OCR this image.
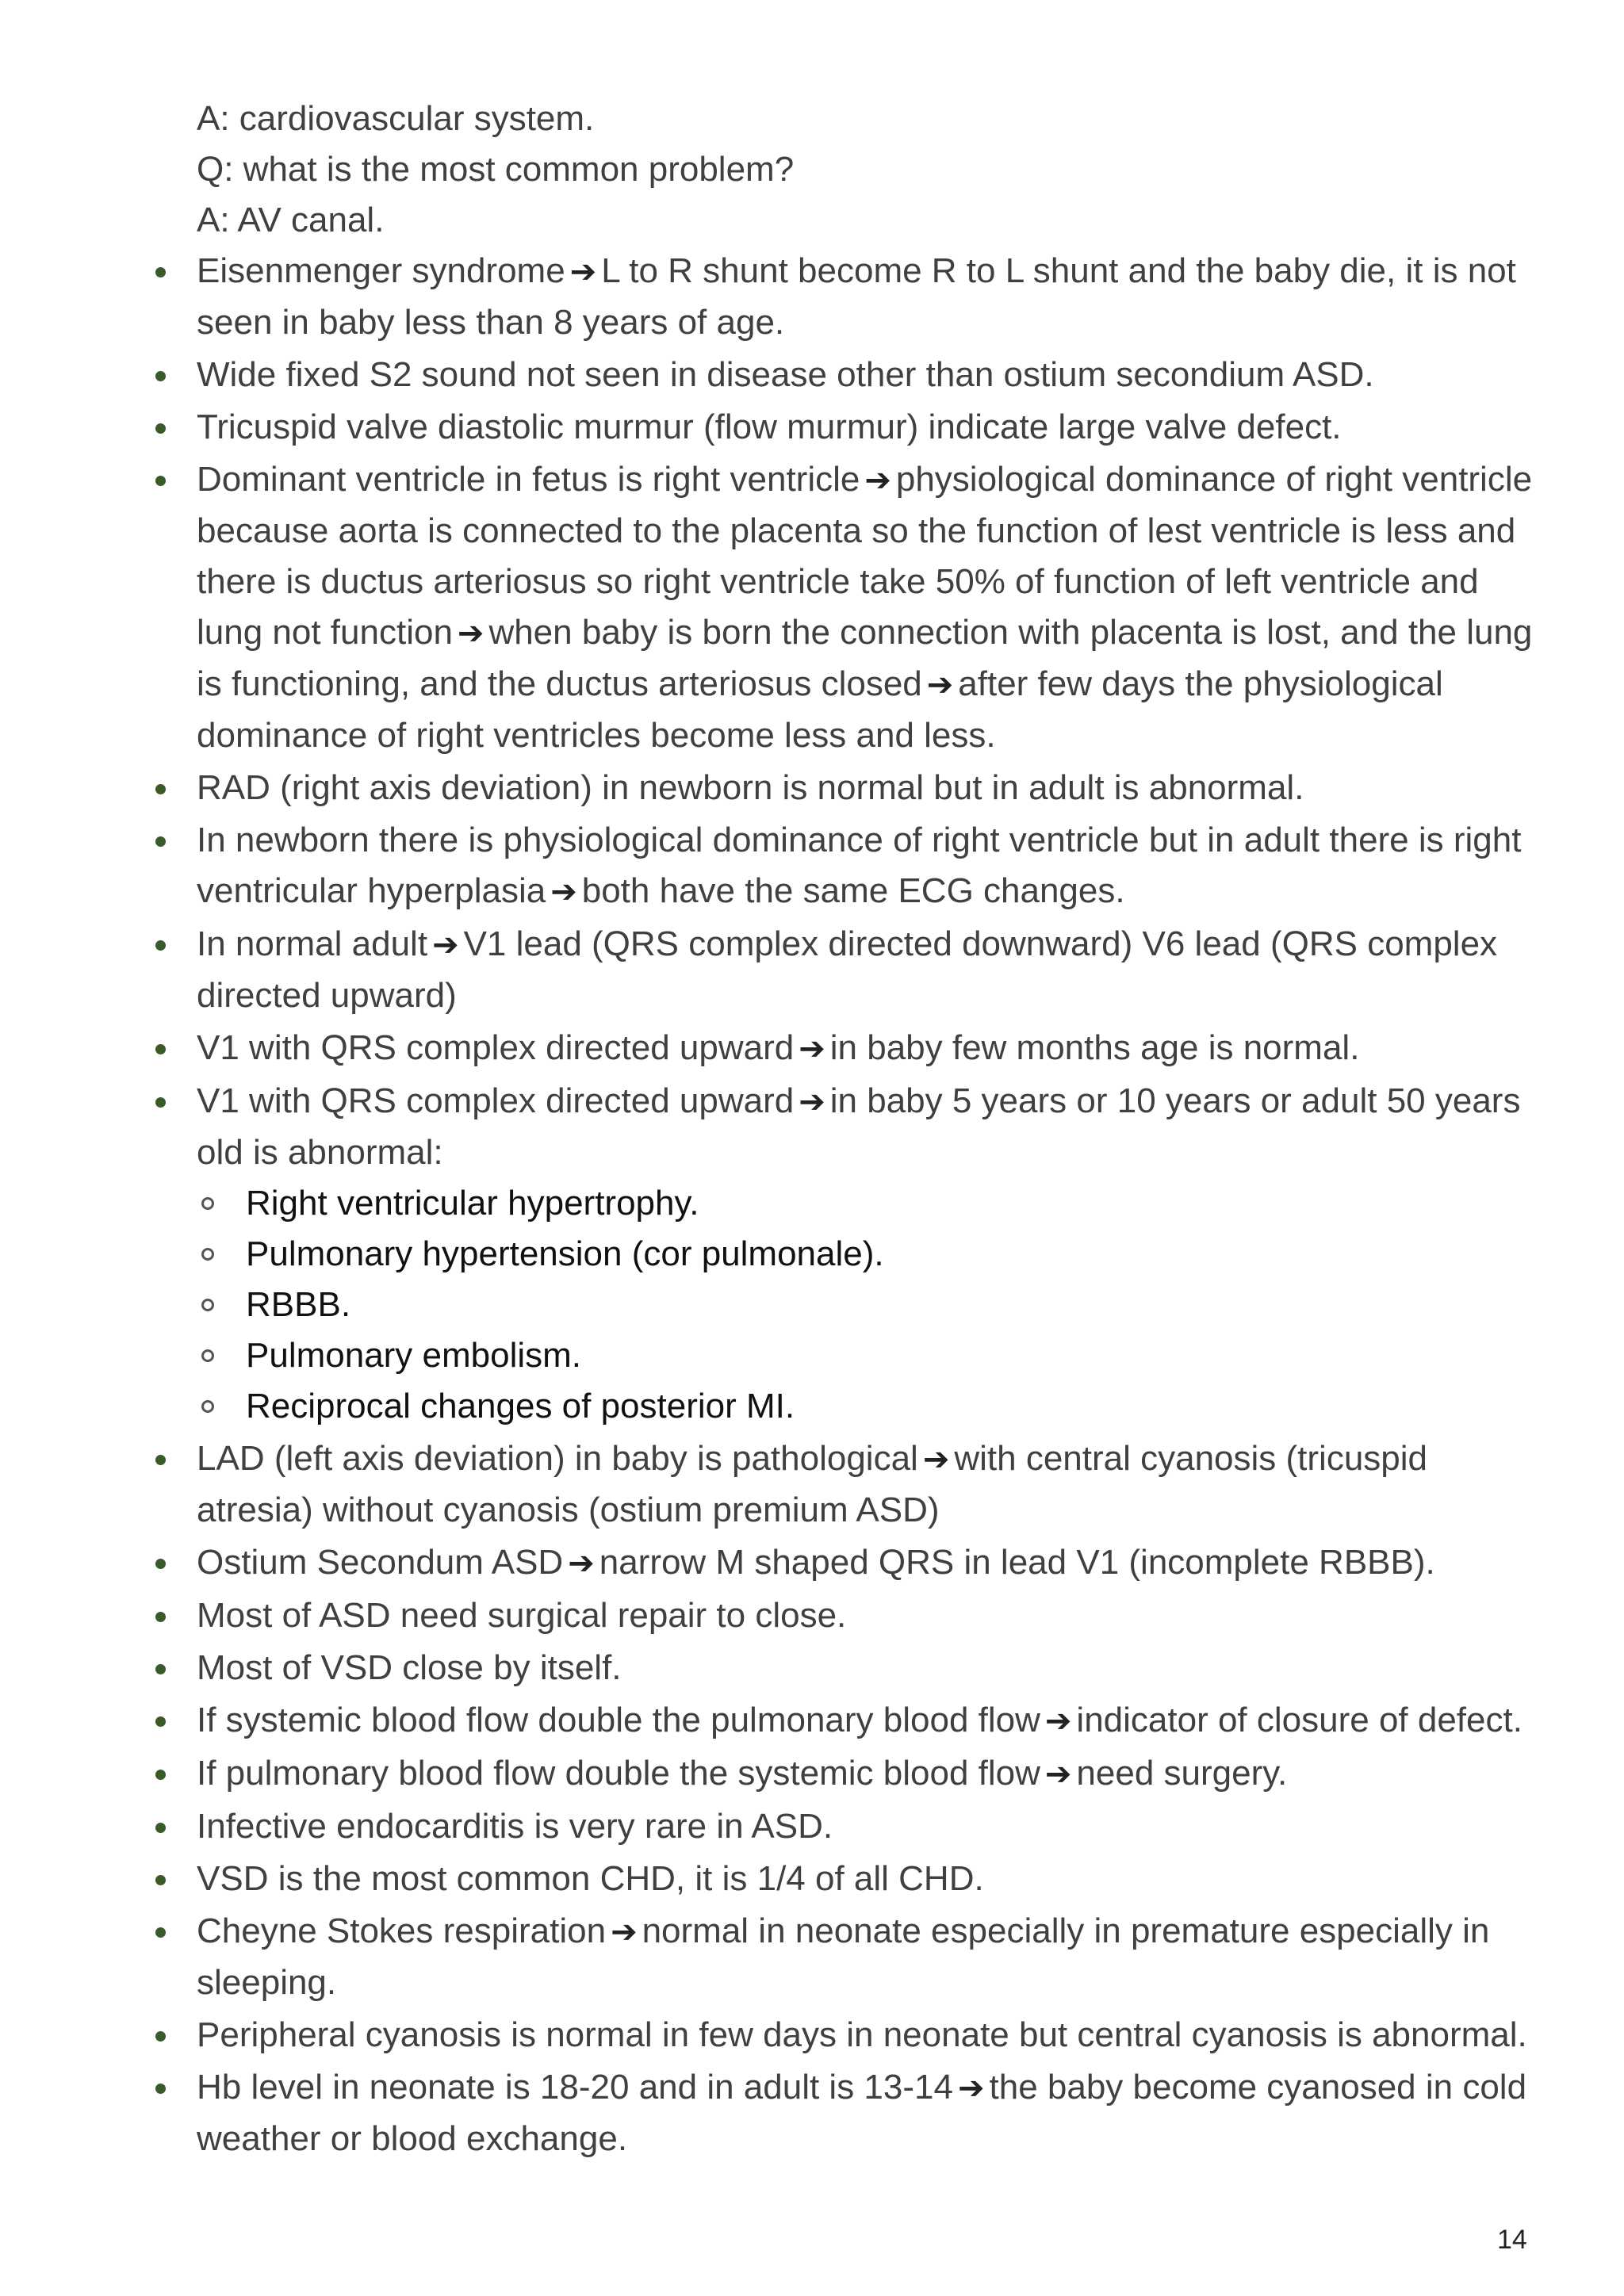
A: cardiovascular system.

Q: what is the most common problem?

A: AV canal.

Eisenmenger syndrome ➔ L to R shunt become R to L shunt and the baby die, it is not seen in baby less than 8 years of age.
Wide fixed S2 sound not seen in disease other than ostium secondium ASD.
Tricuspid valve diastolic murmur (flow murmur) indicate large valve defect.
Dominant ventricle in fetus is right ventricle ➔ physiological dominance of right ventricle because aorta is connected to the placenta so the function of lest ventricle is less and there is ductus arteriosus so right ventricle take 50% of function of left ventricle and lung not function ➔ when baby is born the connection with placenta is lost, and the lung is functioning, and the ductus arteriosus closed ➔ after few days the physiological dominance of right ventricles become less and less.
RAD (right axis deviation) in newborn is normal but in adult is abnormal.
In newborn there is physiological dominance of right ventricle but in adult there is right ventricular hyperplasia ➔ both have the same ECG changes.
In normal adult ➔ V1 lead (QRS complex directed downward) V6 lead (QRS complex directed upward)
V1 with QRS complex directed upward ➔ in baby few months age is normal.
V1 with QRS complex directed upward ➔ in baby 5 years or 10 years or adult 50 years old is abnormal:
Right ventricular hypertrophy.
Pulmonary hypertension (cor pulmonale).
RBBB.
Pulmonary embolism.
Reciprocal changes of posterior MI.
LAD (left axis deviation) in baby is pathological ➔ with central cyanosis (tricuspid atresia) without cyanosis (ostium premium ASD)
Ostium Secondum ASD ➔ narrow M shaped QRS in lead V1 (incomplete RBBB).
Most of ASD need surgical repair to close.
Most of VSD close by itself.
If systemic blood flow double the pulmonary blood flow ➔ indicator of closure of defect.
If pulmonary blood flow double the systemic blood flow ➔ need surgery.
Infective endocarditis is very rare in ASD.
VSD is the most common CHD, it is 1/4 of all CHD.
Cheyne Stokes respiration ➔ normal in neonate especially in premature especially in sleeping.
Peripheral cyanosis is normal in few days in neonate but central cyanosis is abnormal.
Hb level in neonate is 18-20 and in adult is 13-14 ➔ the baby become cyanosed in cold weather or blood exchange.
14
